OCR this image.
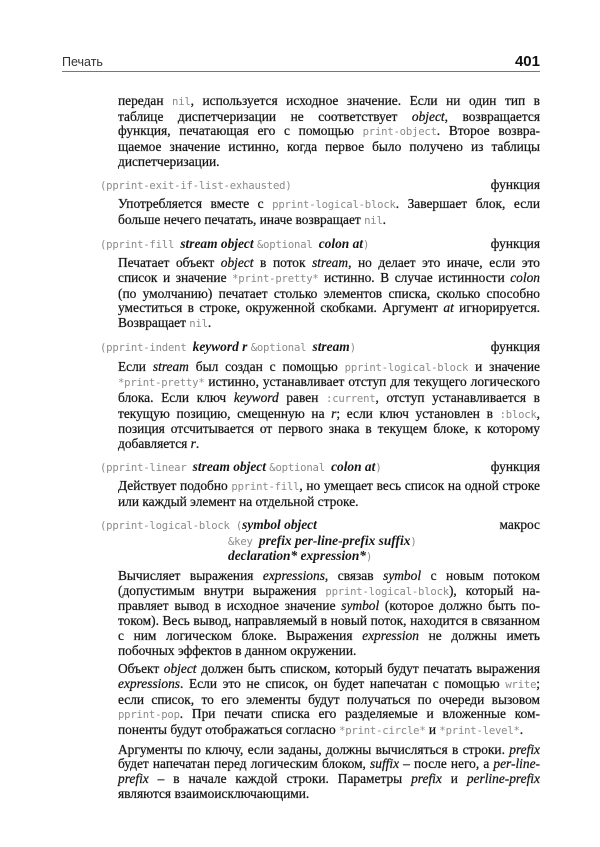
Печать	401

передан nil, используется исходное значение. Если ни один тип в таблице диспетчеризации не соответствует object, возвращается функция, печатающая его с помощью print-object. Второе возвращаемое значение истинно, когда первое было получено из таблицы диспетчеризации.

(pprint-exit-if-list-exhausted)	функция

Употребляется вместе с pprint-logical-block. Завершает блок, если больше нечего печатать, иначе возвращает nil.

(pprint-fill stream object &optional colon at)	функция

Печатает объект object в поток stream, но делает это иначе, если это список и значение *print-pretty* истинно. В случае истинности colon (по умолчанию) печатает столько элементов списка, сколько способно уместиться в строке, окруженной скобками. Аргумент at игнорируется. Возвращает nil.

(pprint-indent keyword r &optional stream)	функция

Если stream был создан с помощью pprint-logical-block и значение *print-pretty* истинно, устанавливает отступ для текущего логического блока. Если ключ keyword равен :current, отступ устанавливается в текущую позицию, смещенную на r; если ключ установлен в :block, позиция отсчитывается от первого знака в текущем блоке, к которому добавляется r.

(pprint-linear stream object &optional colon at)	функция

Действует подобно pprint-fill, но умещает весь список на одной строке или каждый элемент на отдельной строке.

(pprint-logical-block (symbol object
&key prefix per-line-prefix suffix)
declaration* expression*)
макрос

Вычисляет выражения expressions, связав symbol с новым потоком (допустимым внутри выражения pprint-logical-block), который направляет вывод в исходное значение symbol (которое должно быть потоком). Весь вывод, направляемый в новый поток, находится в связанном с ним логическом блоке. Выражения expression не должны иметь побочных эффектов в данном окружении.

Объект object должен быть списком, который будут печатать выражения expressions. Если это не список, он будет напечатан с помощью write; если список, то его элементы будут получаться по очереди вызовом pprint-pop. При печати списка его разделяемые и вложенные компоненты будут отображаться согласно *print-circle* и *print-level*.

Аргументы по ключу, если заданы, должны вычисляться в строки. prefix будет напечатан перед логическим блоком, suffix – после него, а per-line-prefix – в начале каждой строки. Параметры prefix и perline-prefix являются взаимоисключающими.
